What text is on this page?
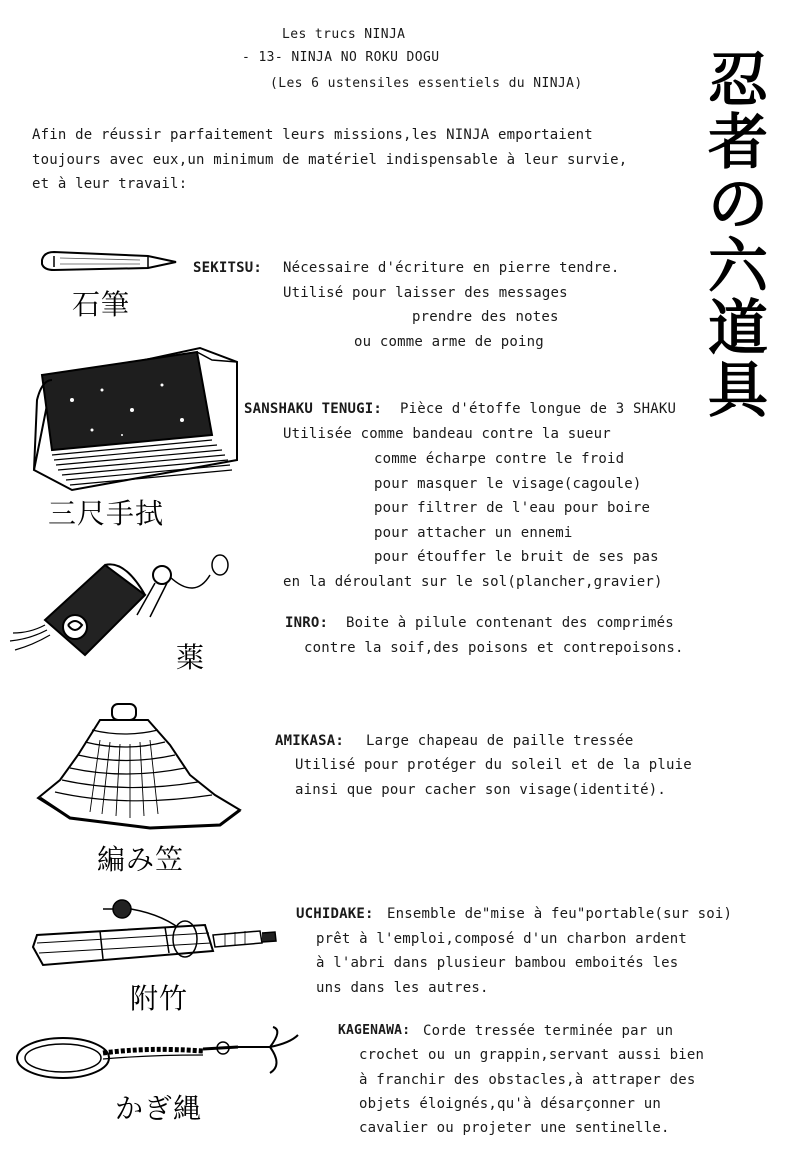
Les trucs NINJA
- 13- NINJA NO ROKU DOGU
(Les 6 ustensiles essentiels du NINJA) 忍
者
の
六
道
具
Afin de réussir parfaitement leurs missions,les NINJA emportaient
toujours avec eux,un minimum de matériel indispensable à leur survie,
et à leur travail:
石筆
SEKITSU: Nécessaire d'écriture en pierre tendre.
Utilisé pour laisser des messages
prendre des notes
ou comme arme de poing
三尺手拭
SANSHAKU TENUGI: Pièce d'étoffe longue de 3 SHAKU
Utilisée comme bandeau contre la sueur
comme écharpe contre le froid
pour masquer le visage(cagoule)
pour filtrer de l'eau pour boire
pour attacher un ennemi
pour étouffer le bruit de ses pas
en la déroulant sur le sol(plancher,gravier)
薬
INRO: Boite à pilule contenant des comprimés
contre la soif,des poisons et contrepoisons.
編み笠
AMIKASA: Large chapeau de paille tressée
Utilisé pour protéger du soleil et de la pluie
ainsi que pour cacher son visage(identité).
附竹
UCHIDAKE: Ensemble de"mise à feu"portable(sur soi)
prêt à l'emploi,composé d'un charbon ardent
à l'abri dans plusieur bambou emboités les
uns dans les autres.
かぎ縄
KAGENAWA: Corde tressée terminée par un
crochet ou un grappin,servant aussi bien
à franchir des obstacles,à attraper des
objets éloignés,qu'à désarçonner un
cavalier ou projeter une sentinelle.
